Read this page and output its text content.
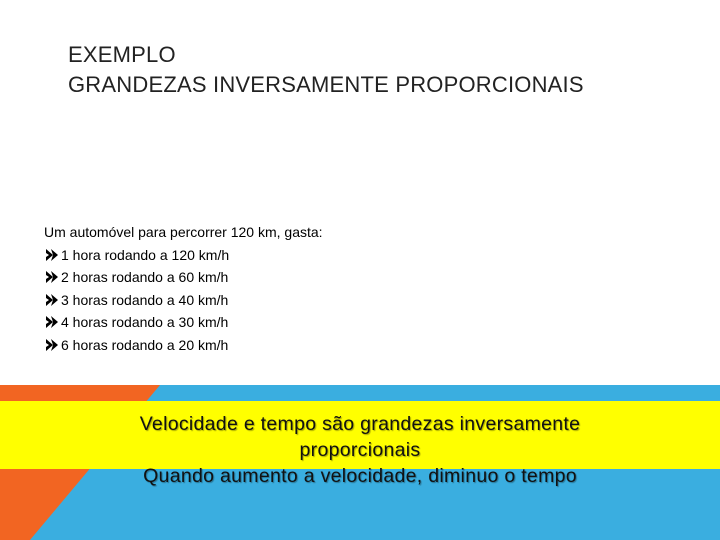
EXEMPLO
GRANDEZAS INVERSAMENTE PROPORCIONAIS
Um automóvel para percorrer 120 km, gasta:
1 hora rodando a 120 km/h
2 horas rodando a 60 km/h
3 horas rodando a 40 km/h
4 horas rodando a 30 km/h
6 horas rodando a 20 km/h
Velocidade e tempo são grandezas inversamente
proporcionais
Quando aumento a velocidade, diminuo o tempo
